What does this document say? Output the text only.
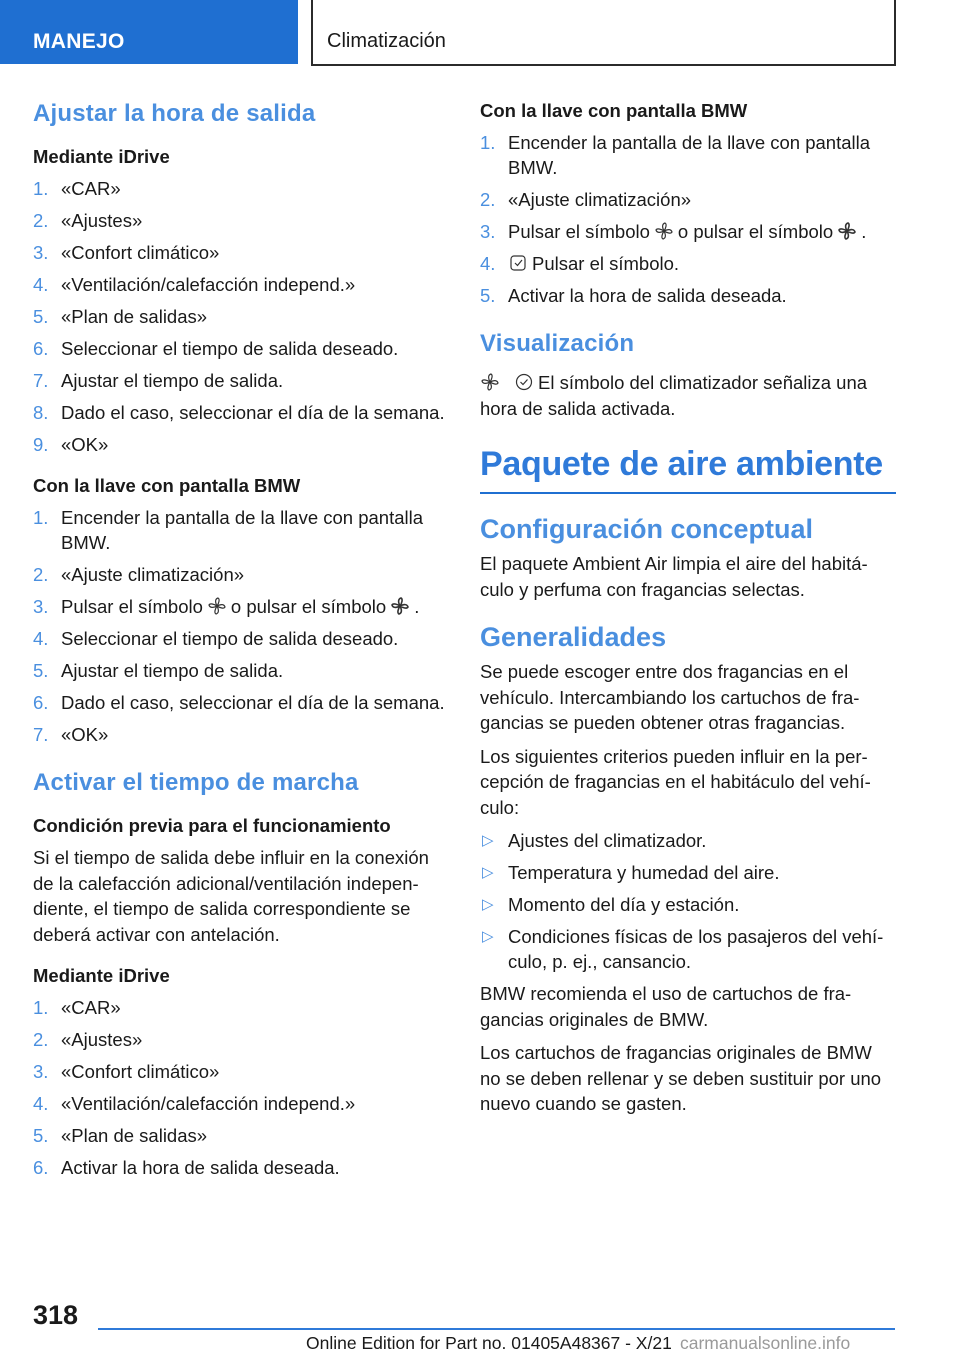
MANEJO	Climatización
Ajustar la hora de salida
Mediante iDrive
1. «CAR»
2. «Ajustes»
3. «Confort climático»
4. «Ventilación/calefacción independ.»
5. «Plan de salidas»
6. Seleccionar el tiempo de salida deseado.
7. Ajustar el tiempo de salida.
8. Dado el caso, seleccionar el día de la semana.
9. «OK»
Con la llave con pantalla BMW
1. Encender la pantalla de la llave con pantalla BMW.
2. «Ajuste climatización»
3. Pulsar el símbolo o pulsar el símbolo .
4. Seleccionar el tiempo de salida deseado.
5. Ajustar el tiempo de salida.
6. Dado el caso, seleccionar el día de la semana.
7. «OK»
Activar el tiempo de marcha
Condición previa para el funcionamiento

Si el tiempo de salida debe influir en la conexión de la calefacción adicional/ventilación indepen‐diente, el tiempo de salida correspondiente se deberá activar con antelación.

Mediante iDrive
1. «CAR»
2. «Ajustes»
3. «Confort climático»
4. «Ventilación/calefacción independ.»
5. «Plan de salidas»
6. Activar la hora de salida deseada.
Con la llave con pantalla BMW
1. Encender la pantalla de la llave con pantalla BMW.
2. «Ajuste climatización»
3. Pulsar el símbolo o pulsar el símbolo .
4. Pulsar el símbolo.
5. Activar la hora de salida deseada.
Visualización

El símbolo del climatizador señaliza una hora de salida activada.

Paquete de aire ambiente
Configuración conceptual

El paquete Ambient Air limpia el aire del habitá‐culo y perfuma con fragancias selectas.

Generalidades

Se puede escoger entre dos fragancias en el vehículo. Intercambiando los cartuchos de fra‐gancias se pueden obtener otras fragancias.

Los siguientes criterios pueden influir en la per‐cepción de fragancias en el habitáculo del vehí‐culo:

▷ Ajustes del climatizador.
▷ Temperatura y humedad del aire.
▷ Momento del día y estación.
▷ Condiciones físicas de los pasajeros del vehí‐culo, p. ej., cansancio.

BMW recomienda el uso de cartuchos de fra‐gancias originales de BMW.

Los cartuchos de fragancias originales de BMW no se deben rellenar y se deben sustituir por uno nuevo cuando se gasten.

318
Online Edition for Part no. 01405A48367 - X/21 carmanualsonline.info
